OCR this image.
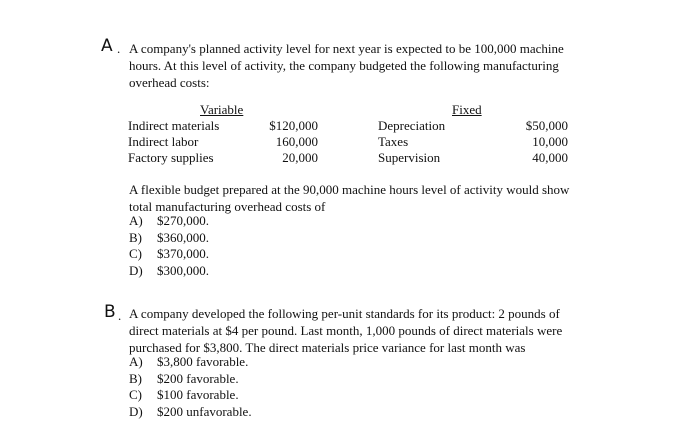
A . A company's planned activity level for next year is expected to be 100,000 machine
hours. At this level of activity, the company budgeted the following manufacturing
overhead costs:
Variable	Fixed
Indirect materials
Indirect labor
Factory supplies
$120,000
160,000
20,000
Depreciation
Taxes
Supervision
$50,000
10,000
40,000
A flexible budget prepared at the 90,000 machine hours level of activity would show
total manufacturing overhead costs of
A) $270,000.
B) $360,000.
C) $370,000.
D) $300,000.
B . A company developed the following per-unit standards for its product: 2 pounds of
direct materials at $4 per pound. Last month, 1,000 pounds of direct materials were
purchased for $3,800. The direct materials price variance for last month was
A) $3,800 favorable.
B) $200 favorable.
C) $100 favorable.
D) $200 unfavorable.
